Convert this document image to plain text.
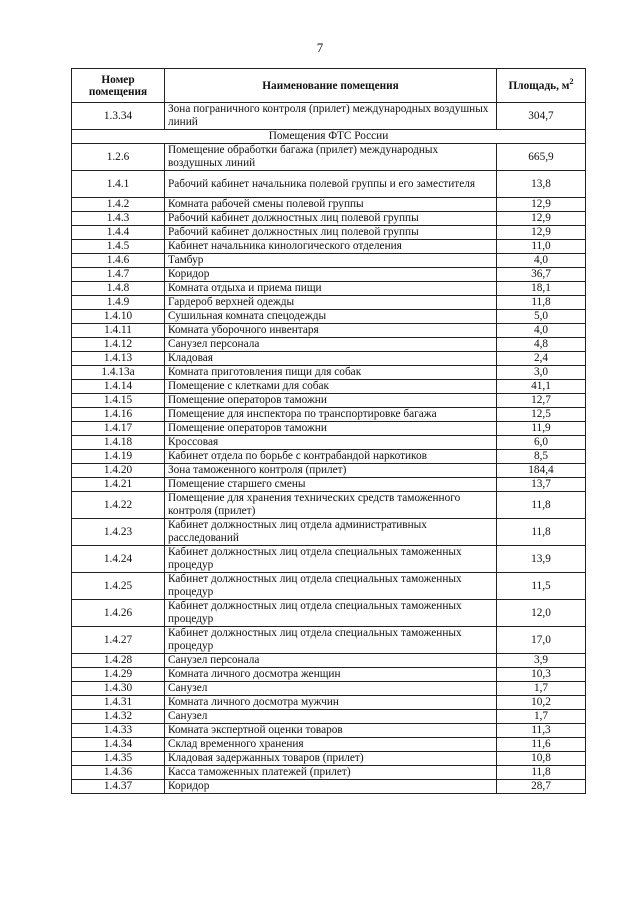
7
Номер помещения	Наименование помещения	Площадь, $м^2$
1.3.34	Зона пограничного контроля (прилет) международных воздушных линий	304,7
Помещения ФТС России		
1.2.6	Помещение обработки багажа (прилет) международных воздушных линий	665,9
1.4.1	Рабочий кабинет начальника полевой группы и его заместителя	13,8
1.4.2	Комната рабочей смены полевой группы	12,9
1.4.3	Рабочий кабинет должностных лиц полевой группы	12,9
1.4.4	Рабочий кабинет должностных лиц полевой группы	12,9
1.4.5	Кабинет начальника кинологического отделения	11,0
1.4.6	Тамбур	4,0
1.4.7	Коридор	36,7
1.4.8	Комната отдыха и приема пищи	18,1
1.4.9	Гардероб верхней одежды	11,8
1.4.10	Сушильная комната спецодежды	5,0
1.4.11	Комната уборочного инвентаря	4,0
1.4.12	Санузел персонала	4,8
1.4.13	Кладовая	2,4
1.4.13а	Комната приготовления пищи для собак	3,0
1.4.14	Помещение с клетками для собак	41,1
1.4.15	Помещение операторов таможни	12,7
1.4.16	Помещение для инспектора по транспортировке багажа	12,5
1.4.17	Помещение операторов таможни	11,9
1.4.18	Кроссовая	6,0
1.4.19	Кабинет отдела по борьбе с контрабандой наркотиков	8,5
1.4.20	Зона таможенного контроля (прилет)	184,4
1.4.21	Помещение старшего смены	13,7
1.4.22	Помещение для хранения технических средств таможенного контроля (прилет)	11,8
1.4.23	Кабинет должностных лиц отдела административных расследований	11,8
1.4.24	Кабинет должностных лиц отдела специальных таможенных процедур	13,9
1.4.25	Кабинет должностных лиц отдела специальных таможенных процедур	11,5
1.4.26	Кабинет должностных лиц отдела специальных таможенных процедур	12,0
1.4.27	Кабинет должностных лиц отдела специальных таможенных процедур	17,0
1.4.28	Санузел персонала	3,9
1.4.29	Комната личного досмотра женщин	10,3
1.4.30	Санузел	1,7
1.4.31	Комната личного досмотра мужчин	10,2
1.4.32	Санузел	1,7
1.4.33	Комната экспертной оценки товаров	11,3
1.4.34	Склад временного хранения	11,6
1.4.35	Кладовая задержанных товаров (прилет)	10,8
1.4.36	Касса таможенных платежей (прилет)	11,8
1.4.37	Коридор	28,7
